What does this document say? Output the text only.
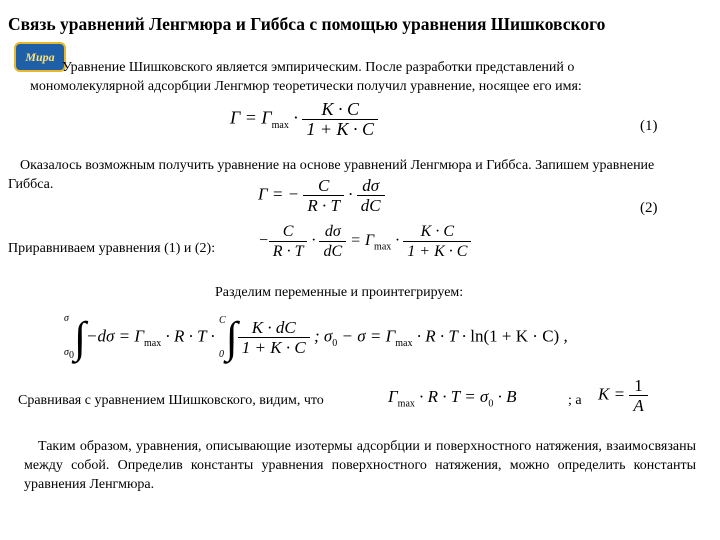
Связь уравнений Ленгмюра и Гиббса с помощью уравнения Шишковского
Мира
Уравнение Шишковского является эмпирическим. После разработки представлений о мономолекулярной адсорбции Ленгмюр теоретически получил уравнение, носящее его имя:
$Г = Г_{max} \cdot \frac{K \cdot C}{1 + K \cdot C}$	(1)
Оказалось возможным получить уравнение на основе уравнений Ленгмюра и Гиббса. Запишем уравнение Гиббса.	Г = − $\frac{C}{R \cdot T} \cdot \frac{d\sigma}{dC}$	(2)
Приравниваем уравнения (1) и (2):	− $\frac{C}{R \cdot T} \cdot \frac{d\sigma}{dC} = Г_{max} \cdot \frac{K \cdot C}{1 + K \cdot C}$
Разделим переменные и проинтегрируем:
σ
$\sigma 0\int-d\sigma = Г_{max} \cdot R \cdot T \cdot C$
$0\int \frac{K \cdot dC}{1 + K \cdot C}$ ; $\sigma_0 - \sigma = Г_{max} \cdot R \cdot T \cdot \ln(1 + K \cdot C)$ ,
Сравнивая с уравнением Шишковского, видим, что	$Г_{max} \cdot R \cdot T = \sigma_0 \cdot B$	; а $K = \frac{1}{A}$
Таким образом, уравнения, описывающие изотермы адсорбции и поверхностного натяжения, взаимосвязаны между собой. Определив константы уравнения поверхностного натяжения, можно определить константы уравнения Ленгмюра.
